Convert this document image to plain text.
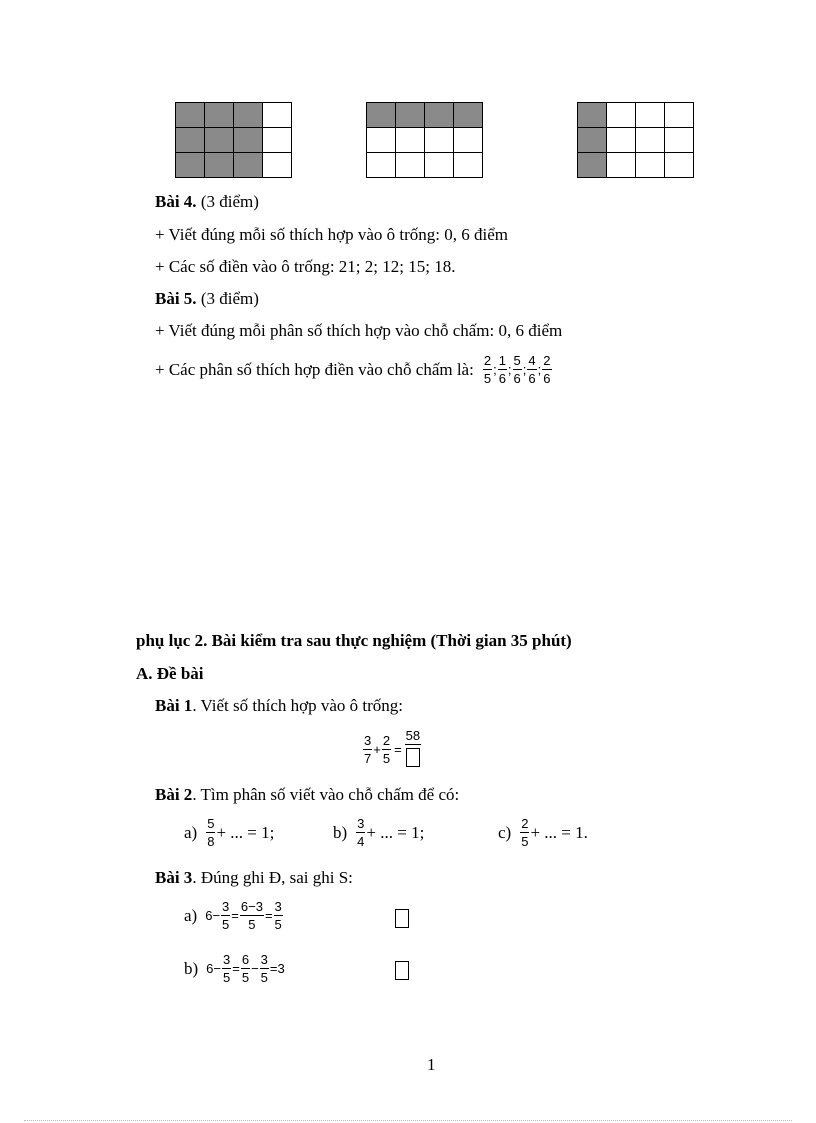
Bài 4. (3 điểm)
+ Viết đúng mỗi số thích hợp vào ô trống: 0, 6 điểm
+ Các số điền vào ô trống: 21; 2; 12; 15; 18.
Bài 5. (3 điểm)
+ Viết đúng mỗi phân số thích hợp vào chỗ chấm: 0, 6 điểm
+ Các phân số thích hợp điền vào chỗ chấm là: $\frac{2}{5}$ ; $\frac{1}{6}$ ; $\frac{5}{6}$ ; $\frac{4}{6}$ ; $\frac{2}{6}$
phụ lục 2. Bài kiểm tra sau thực nghiệm (Thời gian 35 phút)
A. Đề bài
Bài 1. Viết số thích hợp vào ô trống:
$\frac{3}{7} + \frac{2}{5}$ =
58
Bài 2. Tìm phân số viết vào chỗ chấm để có:
$a) \frac{5}{8}$ + ... = 1;	$b) \frac{3}{4}$ + ... = 1;	$c) \frac{2}{5}$ + ... = 1.
Bài 3. Đúng ghi Đ, sai ghi S:
a) $6 - \frac{3}{5} = \frac{6-3}{5} = \frac{3}{5}$
b) $6 - \frac{3}{5} = \frac{6}{5} - \frac{3}{5} = 3$
1
